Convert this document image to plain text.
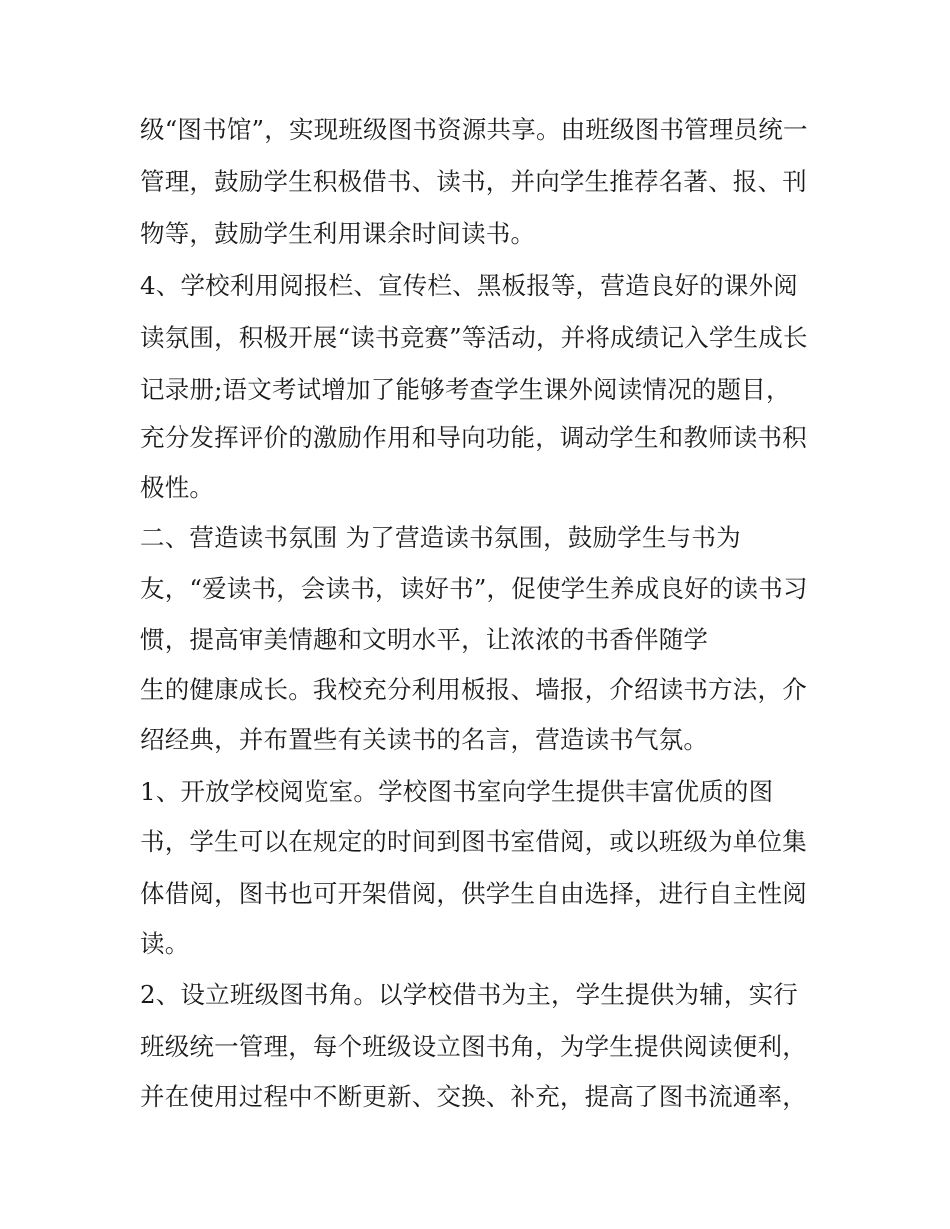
级“图书馆”，实现班级图书资源共享。由班级图书管理员统一
管理，鼓励学生积极借书、读书，并向学生推荐名著、报、刊
物等，鼓励学生利用课余时间读书。
4、学校利用阅报栏、宣传栏、黑板报等，营造良好的课外阅
读氛围，积极开展“读书竞赛”等活动，并将成绩记入学生成长
记录册;语文考试增加了能够考查学生课外阅读情况的题目，
充分发挥评价的激励作用和导向功能，调动学生和教师读书积
极性。
二、营造读书氛围 为了营造读书氛围，鼓励学生与书为
友，“爱读书，会读书，读好书”，促使学生养成良好的读书习
惯，提高审美情趣和文明水平，让浓浓的书香伴随学
生的健康成长。我校充分利用板报、墙报，介绍读书方法，介
绍经典，并布置些有关读书的名言，营造读书气氛。
1、开放学校阅览室。学校图书室向学生提供丰富优质的图
书，学生可以在规定的时间到图书室借阅，或以班级为单位集
体借阅，图书也可开架借阅，供学生自由选择，进行自主性阅
读。
2、设立班级图书角。以学校借书为主，学生提供为辅，实行
班级统一管理，每个班级设立图书角，为学生提供阅读便利，
并在使用过程中不断更新、交换、补充，提高了图书流通率，
